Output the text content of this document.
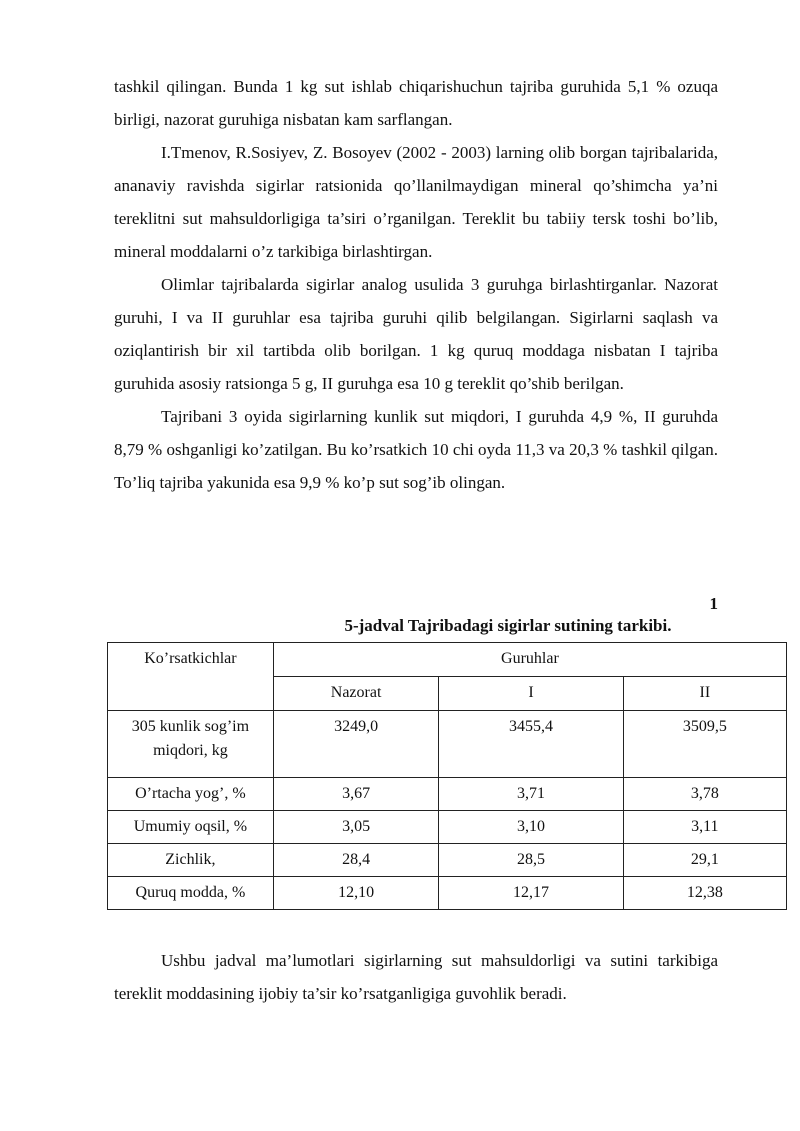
tashkil qilingan. Bunda 1 kg sut ishlab chiqarishuchun tajriba guruhida 5,1 % ozuqa birligi, nazorat guruhiga nisbatan kam sarflangan.

I.Tmenov, R.Sosiyev, Z. Bosoyev (2002 - 2003) larning olib borgan tajribalarida, ananaviy ravishda sigirlar ratsionida qo’llanilmaydigan mineral qo’shimcha ya’ni tereklitni sut mahsuldorligiga ta’siri o’rganilgan. Tereklit bu tabiiy tersk toshi bo’lib, mineral moddalarni o’z tarkibiga birlashtirgan.

Olimlar tajribalarda sigirlar analog usulida 3 guruhga birlashtirganlar. Nazorat guruhi, I va II guruhlar esa tajriba guruhi qilib belgilangan. Sigirlarni saqlash va oziqlantirish bir xil tartibda olib borilgan. 1 kg quruq moddaga nisbatan I tajriba guruhida asosiy ratsionga 5 g, II guruhga esa 10 g tereklit qo’shib berilgan.

Tajribani 3 oyida sigirlarning kunlik sut miqdori, I guruhda 4,9 %, II guruhda 8,79 % oshganligi ko’zatilgan. Bu ko’rsatkich 10 chi oyda 11,3 va 20,3 % tashkil qilgan. To’liq tajriba yakunida esa 9,9 % ko’p sut sog’ib olingan.

1
5-jadval Tajribadagi sigirlar sutining tarkibi.
Ko’rsatkichlar	Guruhlar		
	Nazorat	I	II
305 kunlik sog’im miqdori, kg	3249,0	3455,4	3509,5
O’rtacha yog’, %	3,67	3,71	3,78
Umumiy oqsil, %	3,05	3,10	3,11
Zichlik,	28,4	28,5	29,1
Quruq modda, %	12,10	12,17	12,38

Ushbu jadval ma’lumotlari sigirlarning sut mahsuldorligi va sutini tarkibiga tereklit moddasining ijobiy ta’sir ko’rsatganligiga guvohlik beradi.
